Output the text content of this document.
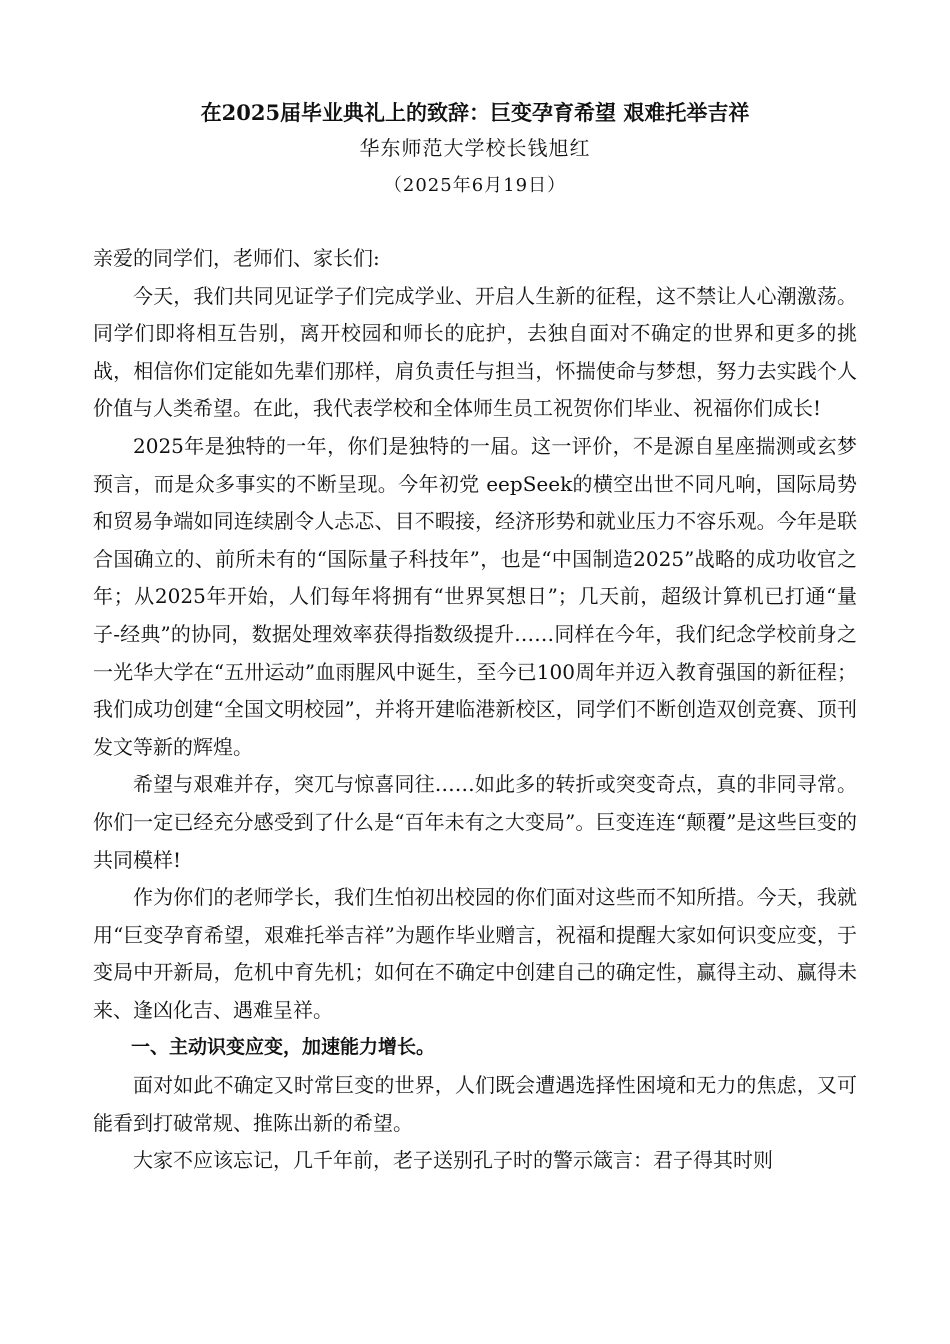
在2025届毕业典礼上的致辞：巨变孕育希望 艰难托举吉祥
华东师范大学校长钱旭红
（2025年6月19日）

亲爱的同学们，老师们、家长们:

今天，我们共同见证学子们完成学业、开启人生新的征程，这不禁让人心潮激荡。同学们即将相互告别，离开校园和师长的庇护，去独自面对不确定的世界和更多的挑战，相信你们定能如先辈们那样，肩负责任与担当，怀揣使命与梦想，努力去实践个人价值与人类希望。在此，我代表学校和全体师生员工祝贺你们毕业、祝福你们成长!

2025年是独特的一年，你们是独特的一届。这一评价，不是源自星座揣测或玄梦预言，而是众多事实的不断呈现。今年初党 eepSeek的横空出世不同凡响，国际局势和贸易争端如同连续剧令人忐忑、目不暇接，经济形势和就业压力不容乐观。今年是联合国确立的、前所未有的“国际量子科技年”，也是“中国制造2025”战略的成功收官之年；从2025年开始，人们每年将拥有“世界冥想日”；几天前，超级计算机已打通“量子-经典”的协同，数据处理效率获得指数级提升……同样在今年，我们纪念学校前身之一光华大学在“五卅运动”血雨腥风中诞生，至今已100周年并迈入教育强国的新征程；我们成功创建“全国文明校园”，并将开建临港新校区，同学们不断创造双创竞赛、顶刊发文等新的辉煌。

希望与艰难并存，突兀与惊喜同往……如此多的转折或突变奇点，真的非同寻常。你们一定已经充分感受到了什么是“百年未有之大变局”。巨变连连“颠覆”是这些巨变的共同模样!

作为你们的老师学长，我们生怕初出校园的你们面对这些而不知所措。今天，我就用“巨变孕育希望，艰难托举吉祥”为题作毕业赠言，祝福和提醒大家如何识变应变，于变局中开新局，危机中育先机；如何在不确定中创建自己的确定性，赢得主动、赢得未来、逢凶化吉、遇难呈祥。

一、主动识变应变，加速能力增长。

面对如此不确定又时常巨变的世界，人们既会遭遇选择性困境和无力的焦虑，又可能看到打破常规、推陈出新的希望。

大家不应该忘记，几千年前，老子送别孔子时的警示箴言：君子得其时则
